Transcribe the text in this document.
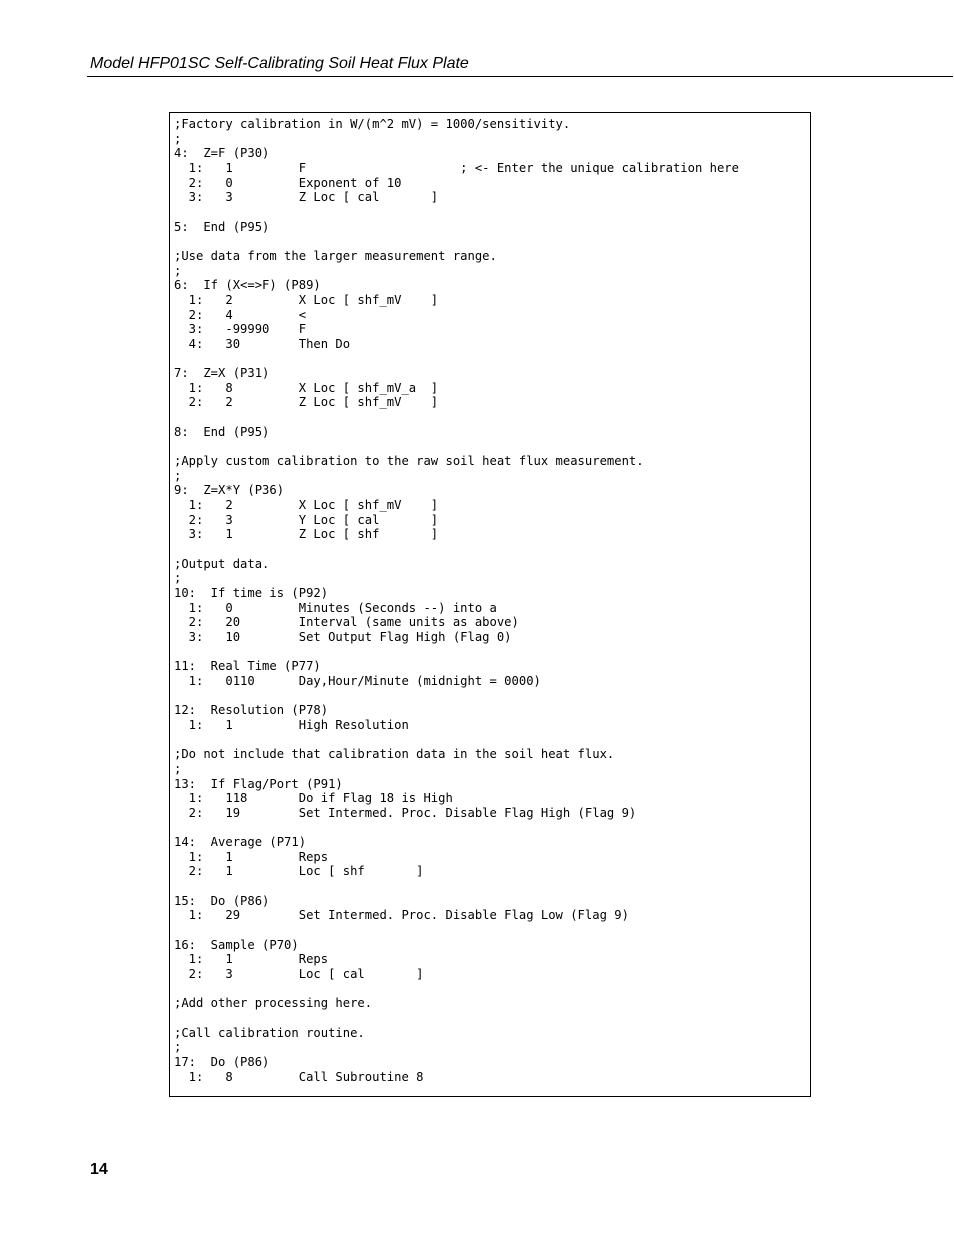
Model HFP01SC Self-Calibrating Soil Heat Flux Plate
;Factory calibration in W/(m^2 mV) = 1000/sensitivity.
;
4:  Z=F (P30)
1:   1         F                     ; <- Enter the unique calibration here
2:   0         Exponent of 10
3:   3         Z Loc [ cal       ]

5:  End (P95)

;Use data from the larger measurement range.
;
6:  If (X<=>F) (P89)
1:   2         X Loc [ shf_mV    ]
2:   4         <
3:   -99990    F
4:   30        Then Do

7:  Z=X (P31)
1:   8         X Loc [ shf_mV_a  ]
2:   2         Z Loc [ shf_mV    ]

8:  End (P95)

;Apply custom calibration to the raw soil heat flux measurement.
;
9:  Z=X*Y (P36)
1:   2         X Loc [ shf_mV    ]
2:   3         Y Loc [ cal       ]
3:   1         Z Loc [ shf       ]

;Output data.
;
10:  If time is (P92)
1:   0         Minutes (Seconds --) into a
2:   20        Interval (same units as above)
3:   10        Set Output Flag High (Flag 0)

11:  Real Time (P77)
1:   0110      Day,Hour/Minute (midnight = 0000)

12:  Resolution (P78)
1:   1         High Resolution

;Do not include that calibration data in the soil heat flux.
;
13:  If Flag/Port (P91)
1:   118       Do if Flag 18 is High
2:   19        Set Intermed. Proc. Disable Flag High (Flag 9)

14:  Average (P71)
1:   1         Reps
2:   1         Loc [ shf       ]

15:  Do (P86)
1:   29        Set Intermed. Proc. Disable Flag Low (Flag 9)

16:  Sample (P70)
1:   1         Reps
2:   3         Loc [ cal       ]

;Add other processing here.

;Call calibration routine.
;
17:  Do (P86)
1:   8         Call Subroutine 8
14
